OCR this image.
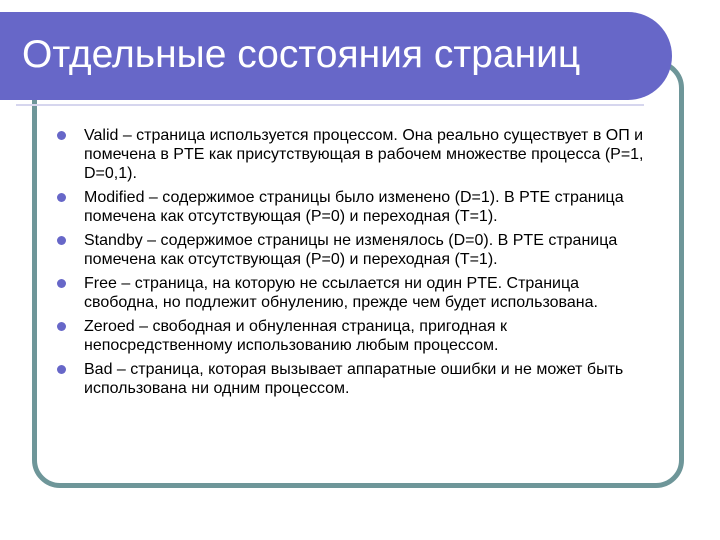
Отдельные состояния страниц
Valid – страница используется процессом. Она реально существует в ОП и помечена в PTE как присутствующая в рабочем множестве процесса (P=1, D=0,1).
Modified – содержимое страницы было изменено (D=1). В PTE страница помечена как отсутствующая (P=0) и переходная (T=1).
Standby – содержимое страницы не изменялось (D=0). В PTE страница помечена как отсутствующая (P=0) и переходная (T=1).
Free – страница, на которую не ссылается ни один PTE. Страница свободна, но подлежит обнулению, прежде чем будет использована.
Zeroed – свободная и обнуленная страница, пригодная к непосредственному использованию любым процессом.
Bad – страница, которая вызывает аппаратные ошибки и не может быть использована ни одним процессом.
